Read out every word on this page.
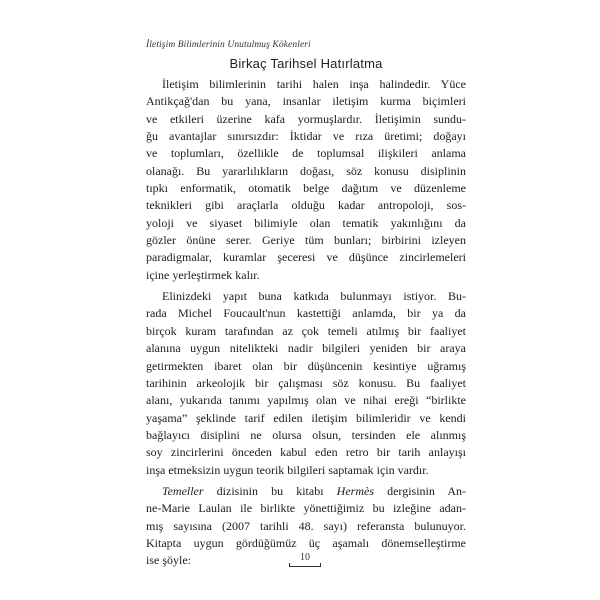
İletişim Bilimlerinin Unutulmuş Kökenleri
Birkaç Tarihsel Hatırlatma

İletişim bilimlerinin tarihi halen inşa halindedir. Yüce

Antikçağ'dan bu yana, insanlar iletişim kurma biçimleri

ve etkileri üzerine kafa yormuşlardır. İletişimin sundu-

ğu avantajlar sınırsızdır: İktidar ve rıza üretimi; doğayı

ve toplumları, özellikle de toplumsal ilişkileri anlama

olanağı. Bu yararlılıkların doğası, söz konusu disiplinin

tıpkı enformatik, otomatik belge dağıtım ve düzenleme

teknikleri gibi araçlarla olduğu kadar antropoloji, sos-

yoloji ve siyaset bilimiyle olan tematik yakınlığını da

gözler önüne serer. Geriye tüm bunları; birbirini izleyen

paradigmalar, kuramlar şeceresi ve düşünce zincirlemeleri

içine yerleştirmek kalır.

Elinizdeki yapıt buna katkıda bulunmayı istiyor. Bu-

rada Michel Foucault'nun kastettiği anlamda, bir ya da

birçok kuram tarafından az çok temeli atılmış bir faaliyet

alanına uygun nitelikteki nadir bilgileri yeniden bir araya

getirmekten ibaret olan bir düşüncenin kesintiye uğramış

tarihinin arkeolojik bir çalışması söz konusu. Bu faaliyet

alanı, yukarıda tanımı yapılmış olan ve nihai ereği “birlikte

yaşama” şeklinde tarif edilen iletişim bilimleridir ve kendi

bağlayıcı disiplini ne olursa olsun, tersinden ele alınmış

soy zincirlerini önceden kabul eden retro bir tarih anlayışı

inşa etmeksizin uygun teorik bilgileri saptamak için vardır.

Temeller dizisinin bu kitabı Hermès dergisinin An-

ne-Marie Laulan ile birlikte yönettiğimiz bu izleğine adan-

mış sayısına (2007 tarihli 48. sayı) referansta bulunuyor.

Kitapta uygun gördüğümüz üç aşamalı dönemselleştirme

ise şöyle:	10
